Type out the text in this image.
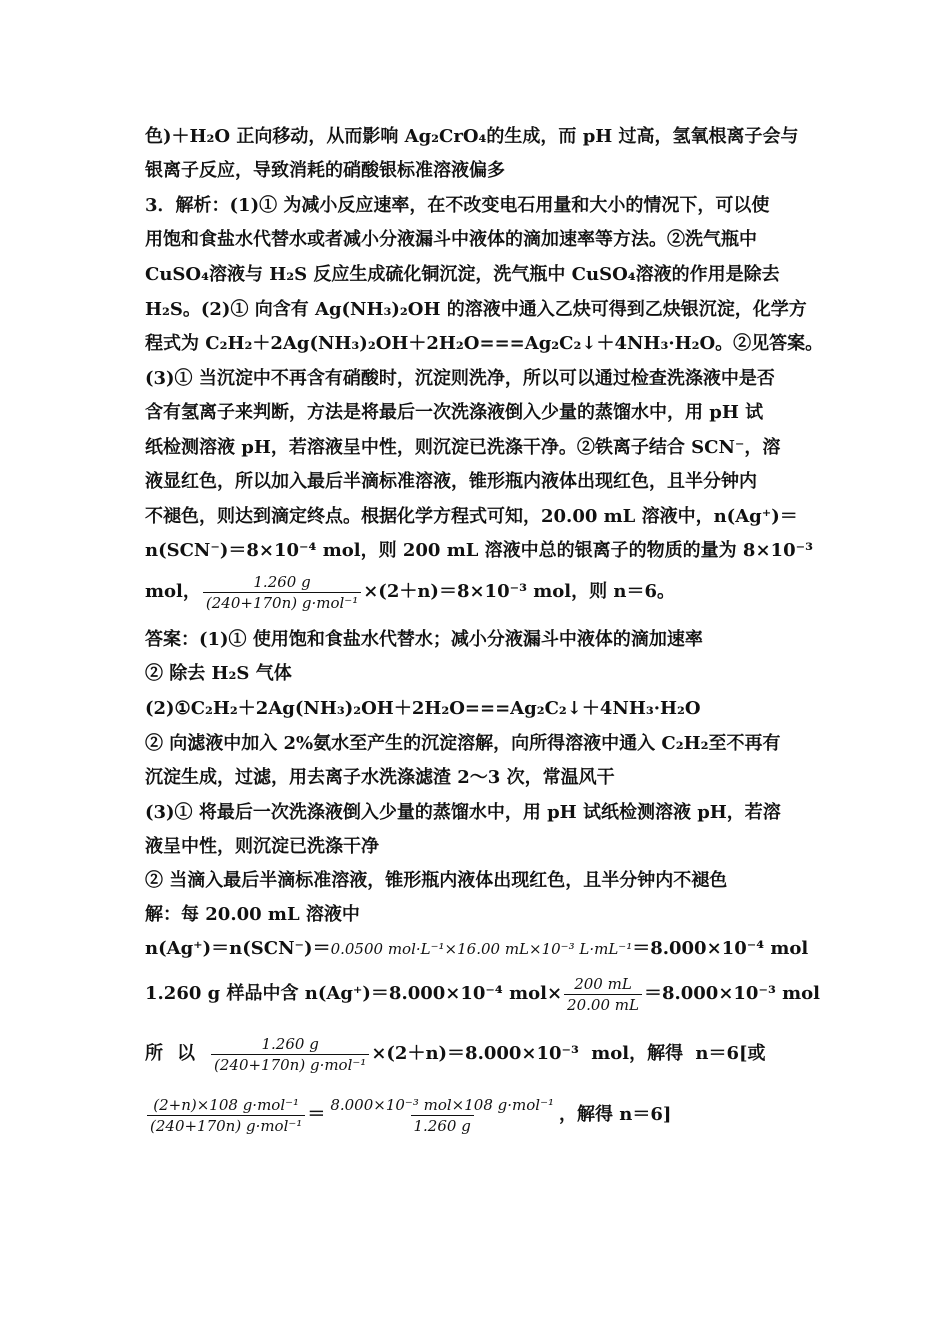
色)＋H₂O 正向移动，从而影响 Ag₂CrO₄的生成，而 pH 过高，氢氧根离子会与
银离子反应，导致消耗的硝酸银标准溶液偏多
3．解析：(1)① 为减小反应速率，在不改变电石用量和大小的情况下，可以使
用饱和食盐水代替水或者减小分液漏斗中液体的滴加速率等方法。②洗气瓶中
CuSO₄溶液与 H₂S 反应生成硫化铜沉淀，洗气瓶中 CuSO₄溶液的作用是除去
H₂S。(2)① 向含有 Ag(NH₃)₂OH 的溶液中通入乙炔可得到乙炔银沉淀，化学方
程式为 C₂H₂＋2Ag(NH₃)₂OH＋2H₂O===Ag₂C₂↓＋4NH₃·H₂O。②见答案。
(3)① 当沉淀中不再含有硝酸时，沉淀则洗净，所以可以通过检查洗涤液中是否
含有氢离子来判断，方法是将最后一次洗涤液倒入少量的蒸馏水中，用 pH 试
纸检测溶液 pH，若溶液呈中性，则沉淀已洗涤干净。②铁离子结合 SCN⁻，溶
液显红色，所以加入最后半滴标准溶液，锥形瓶内液体出现红色，且半分钟内
不褪色，则达到滴定终点。根据化学方程式可知，20.00 mL 溶液中，n(Ag⁺)＝
n(SCN⁻)＝8×10⁻⁴ mol，则 200 mL 溶液中总的银离子的物质的量为 8×10⁻³
mol， $\frac{1.260 g}{\text{(240+170n) g·mol⁻¹}} \times(2+n)=8\times 10^{-3}$ mol，则 n＝6。
答案：(1)① 使用饱和食盐水代替水；减小分液漏斗中液体的滴加速率
② 除去 H₂S 气体
(2)①C₂H₂＋2Ag(NH₃)₂OH＋2H₂O===Ag₂C₂↓＋4NH₃·H₂O
② 向滤液中加入 2%氨水至产生的沉淀溶解，向所得溶液中通入 C₂H₂至不再有
沉淀生成，过滤，用去离子水洗涤滤渣 2～3 次，常温风干
(3)① 将最后一次洗涤液倒入少量的蒸馏水中，用 pH 试纸检测溶液 pH，若溶
液呈中性，则沉淀已洗涤干净
② 当滴入最后半滴标准溶液，锥形瓶内液体出现红色，且半分钟内不褪色
解：每 20.00 mL 溶液中
n(Ag⁺)＝n(SCN⁻)＝ 0.0500 mol·L⁻¹×16.00 mL×10⁻³ L·mL⁻¹ ＝8.000×10⁻⁴ mol
1.260 g 样品中含 n(Ag⁺)＝8.000×10⁻⁴ $mol\times \frac{200 mL}{20.00 mL} =8.000\times 10^{-3}$ mol
所以 $\frac{1.260 g}{\text{(240+170n) g·mol⁻¹}} \times(2+n)=8.000\times 10^{-3}$ mol，解得 n＝6[或
$\frac{\text{(2+n)×108 g·mol⁻¹}}{\text{(240+170n) g·mol⁻¹}} = \frac{\text{8.000×10⁻³ mol×108 g·mol⁻¹}}{1.260 g}$ ，解得 n＝6]
